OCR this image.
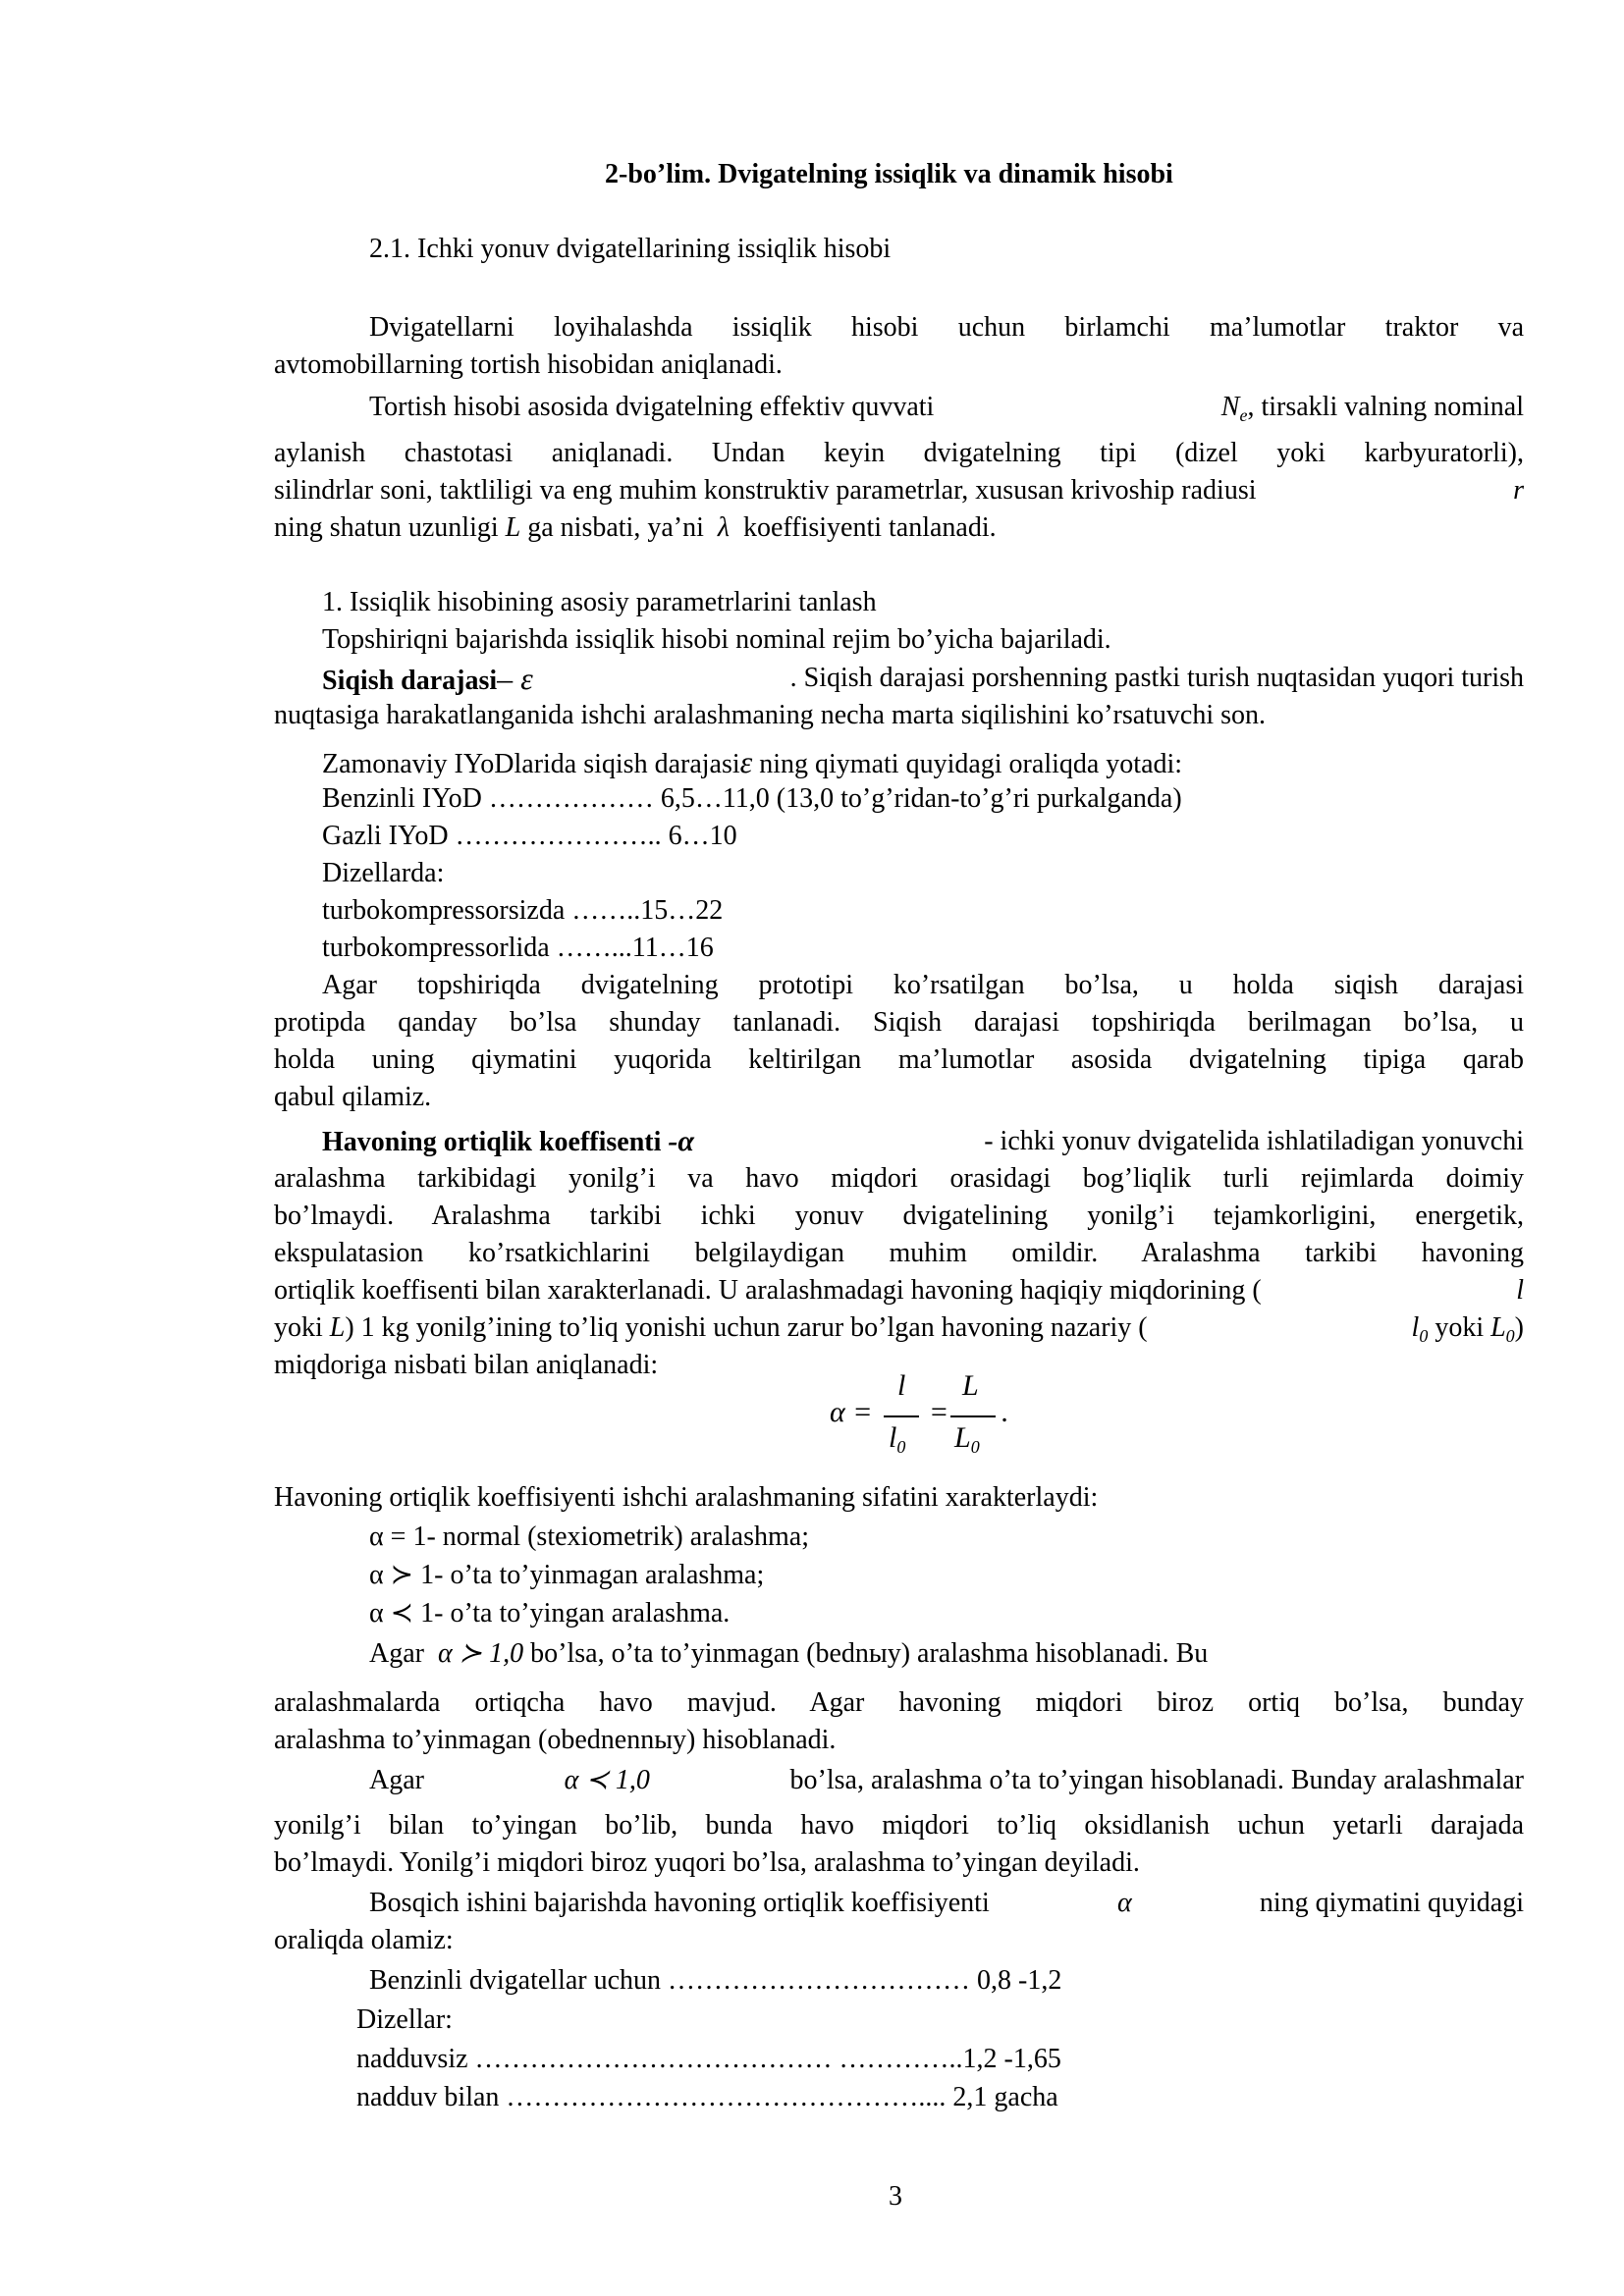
2-bo’lim. Dvigatelning issiqlik va dinamik hisobi
2.1. Ichki yonuv dvigatellarining issiqlik hisobi
Dvigatellarni loyihalashda issiqlik hisobi uchun birlamchi ma’lumotlar traktor va
avtomobillarning tortish hisobidan aniqlanadi.
Tortish hisobi asosida dvigatelning effektiv quvvati	$N_e$, tirsakli valning nominal
aylanish chastotasi aniqlanadi. Undan keyin dvigatelning tipi (dizel yoki karbyuratorli),
silindrlar soni, taktliligi va eng muhim konstruktiv parametrlar, xususan krivoship radiusi	r
ning shatun uzunligi L ga nisbati, ya’ni λ koeffisiyenti tanlanadi.
1. Issiqlik hisobining asosiy parametrlarini tanlash
Topshiriqni bajarishda issiqlik hisobi nominal rejim bo’yicha bajariladi.
Siqish darajasi– ε	. Siqish darajasi porshenning pastki turish nuqtasidan yuqori turish
nuqtasiga harakatlanganida ishchi aralashmaning necha marta siqilishini ko’rsatuvchi son.
Zamonaviy IYoDlarida siqish darajasiε ning qiymati quyidagi oraliqda yotadi:
Benzinli IYoD ……………… 6,5…11,0 (13,0 to’g’ridan-to’g’ri purkalganda)
Gazli IYoD ………………….. 6…10
Dizellarda:
turbokompressorsizda ……..15…22
turbokompressorlida ……...11…16
Agar topshiriqda dvigatelning prototipi ko’rsatilgan bo’lsa, u holda siqish darajasi
protipda qanday bo’lsa shunday tanlanadi. Siqish darajasi topshiriqda berilmagan bo’lsa, u
holda uning qiymatini yuqorida keltirilgan ma’lumotlar asosida dvigatelning tipiga qarab
qabul qilamiz.
Havoning ortiqlik koeffisenti -α	- ichki yonuv dvigatelida ishlatiladigan yonuvchi
aralashma tarkibidagi yonilg’i va havo miqdori orasidagi bog’liqlik turli rejimlarda doimiy
bo’lmaydi. Aralashma tarkibi ichki yonuv dvigatelining yonilg’i tejamkorligini, energetik,
ekspulatasion ko’rsatkichlarini belgilaydigan muhim omildir. Aralashma tarkibi havoning
ortiqlik koeffisenti bilan xarakterlanadi. U aralashmadagi havoning haqiqiy miqdorining (	l
yoki L) 1 kg yonilg’ining to’liq yonishi uchun zarur bo’lgan havoning nazariy (	$l_0$ yoki $L_0$)
miqdoriga nisbati bilan aniqlanadi:
α =
l
$l_0$
=
L
$L_0$
.
Havoning ortiqlik koeffisiyenti ishchi aralashmaning sifatini xarakterlaydi:
α = 1- normal (stexiometrik) aralashma;
α ≻ 1- o’ta to’yinmagan aralashma;
α ≺ 1- o’ta to’yingan aralashma.
Agar α ≻ 1,0 bo’lsa, o’ta to’yinmagan (bednыy) aralashma hisoblanadi. Bu
aralashmalarda ortiqcha havo mavjud. Agar havoning miqdori biroz ortiq bo’lsa, bunday
aralashma to’yinmagan (obednennыy) hisoblanadi.
Agar	α ≺ 1,0	bo’lsa, aralashma o’ta to’yingan hisoblanadi. Bunday aralashmalar
yonilg’i bilan to’yingan bo’lib, bunda havo miqdori to’liq oksidlanish uchun yetarli darajada
bo’lmaydi. Yonilg’i miqdori biroz yuqori bo’lsa, aralashma to’yingan deyiladi.
Bosqich ishini bajarishda havoning ortiqlik koeffisiyenti	α	ning qiymatini quyidagi
oraliqda olamiz:
Benzinli dvigatellar uchun …………………………… 0,8 -1,2
Dizellar:
nadduvsiz ………………………………… …………..1,2 -1,65
nadduv bilan ……………………………………….... 2,1 gacha
3
